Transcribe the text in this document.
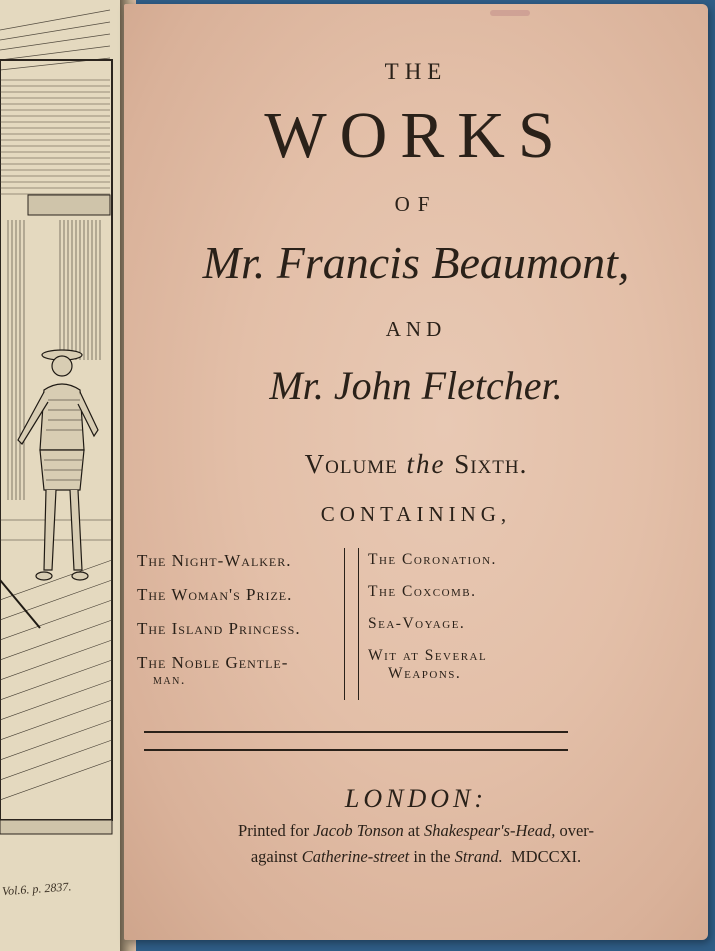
Vol.6. p. 2837.
THE
WORKS
OF
Mr. Francis Beaumont,
AND
Mr. John Fletcher.
Volume the Sixth.
CONTAINING,
The Night-Walker.
The Woman's Prize.
The Island Princess.
The Noble Gentle-
man.
The Coronation.
The Coxcomb.
Sea-Voyage.
Wit at Several
Weapons.
LONDON:
Printed for Jacob Tonson at Shakespear's-Head, over-
against Catherine-street in the Strand.  MDCCXI.
